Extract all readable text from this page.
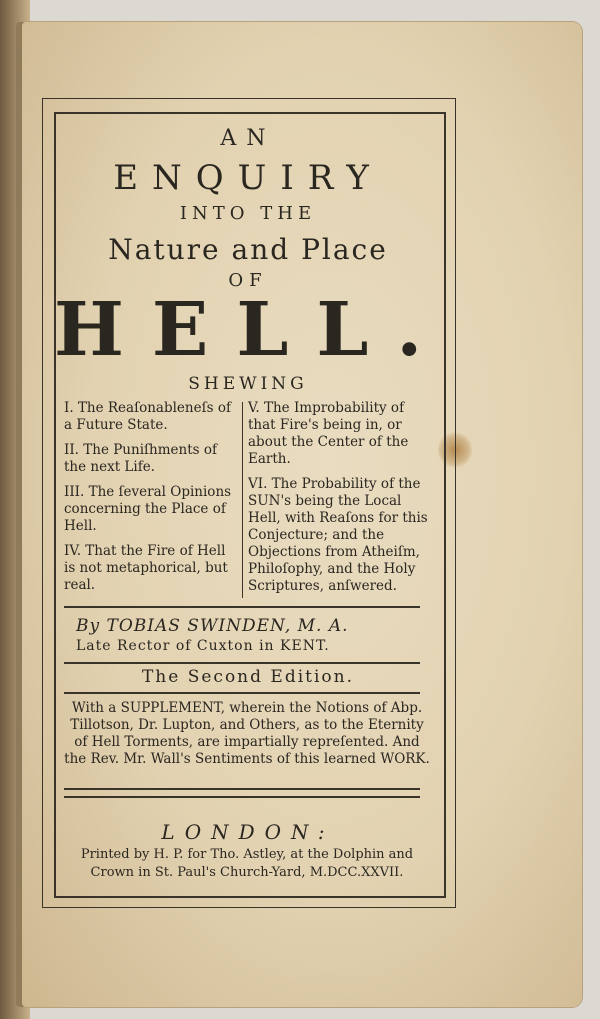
AN
ENQUIRY
INTO THE
Nature and Place
OF
HELL.
SHEWING
I. The Reaſonableneſs of a Future State.
II. The Puniſhments of the next Life.
III. The ſeveral Opinions concerning the Place of Hell.
IV. That the Fire of Hell is not metaphorical, but real.
V. The Improbability of that Fire's being in, or about the Center of the Earth.
VI. The Probability of the SUN's being the Local Hell, with Reaſons for this Conjecture; and the Objections from Atheiſm, Philoſophy, and the Holy Scriptures, anſwered.
By TOBIAS SWINDEN, M. A.
Late Rector of Cuxton in KENT.
The Second Edition.
With a SUPPLEMENT, wherein the Notions of Abp. Tillotson, Dr. Lupton, and Others, as to the Eternity of Hell Torments, are impartially repreſented. And the Rev. Mr. Wall's Sentiments of this learned WORK.
LONDON:
Printed by H. P. for Tho. Astley, at the Dolphin and Crown in St. Paul's Church-Yard, M.DCC.XXVII.
